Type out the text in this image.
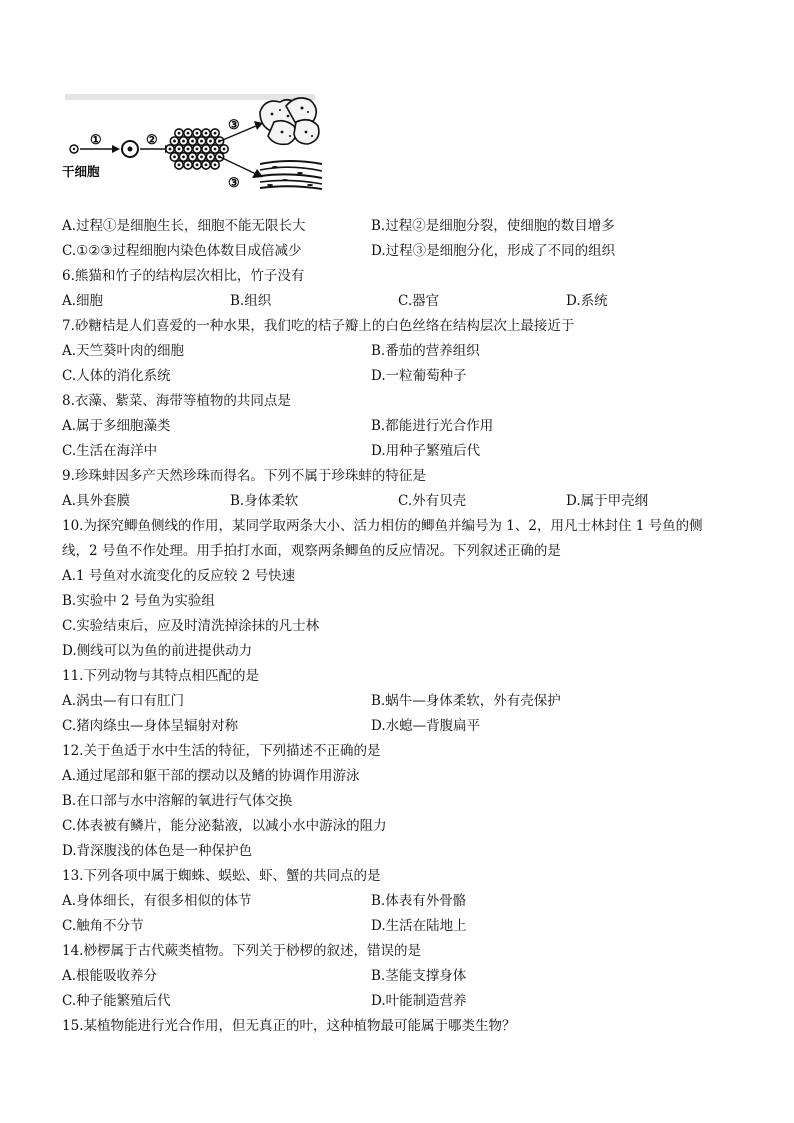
①	②
③
③
干细胞
A.过程①是细胞生长，细胞不能无限长大	B.过程②是细胞分裂，使细胞的数目增多
C.①②③过程细胞内染色体数目成倍减少	D.过程③是细胞分化，形成了不同的组织
6.熊猫和竹子的结构层次相比，竹子没有
A.细胞	B.组织	C.器官	D.系统
7.砂糖桔是人们喜爱的一种水果，我们吃的桔子瓣上的白色丝络在结构层次上最接近于
A.天竺葵叶肉的细胞	B.番茄的营养组织
C.人体的消化系统	D.一粒葡萄种子
8.衣藻、紫菜、海带等植物的共同点是
A.属于多细胞藻类	B.都能进行光合作用
C.生活在海洋中	D.用种子繁殖后代
9.珍珠蚌因多产天然珍珠而得名。下列不属于珍珠蚌的特征是
A.具外套膜	B.身体柔软	C.外有贝壳	D.属于甲壳纲
10.为探究鲫鱼侧线的作用，某同学取两条大小、活力相仿的鲫鱼并编号为 1、2，用凡士林封住 1 号鱼的侧
线，2 号鱼不作处理。用手拍打水面，观察两条鲫鱼的反应情况。下列叙述正确的是
A.1 号鱼对水流变化的反应较 2 号快速
B.实验中 2 号鱼为实验组
C.实验结束后，应及时清洗掉涂抹的凡士林
D.侧线可以为鱼的前进提供动力
11.下列动物与其特点相匹配的是
A.涡虫—有口有肛门	B.蜗牛—身体柔软，外有壳保护
C.猪肉绦虫—身体呈辐射对称	D.水螅—背腹扁平
12.关于鱼适于水中生活的特征，下列描述不正确的是
A.通过尾部和躯干部的摆动以及鳍的协调作用游泳
B.在口部与水中溶解的氧进行气体交换
C.体表被有鳞片，能分泌黏液，以减小水中游泳的阻力
D.背深腹浅的体色是一种保护色
13.下列各项中属于蜘蛛、蜈蚣、虾、蟹的共同点的是
A.身体细长，有很多相似的体节	B.体表有外骨骼
C.触角不分节	D.生活在陆地上
14.桫椤属于古代蕨类植物。下列关于桫椤的叙述，错误的是
A.根能吸收养分	B.茎能支撑身体
C.种子能繁殖后代	D.叶能制造营养
15.某植物能进行光合作用，但无真正的叶，这种植物最可能属于哪类生物？
